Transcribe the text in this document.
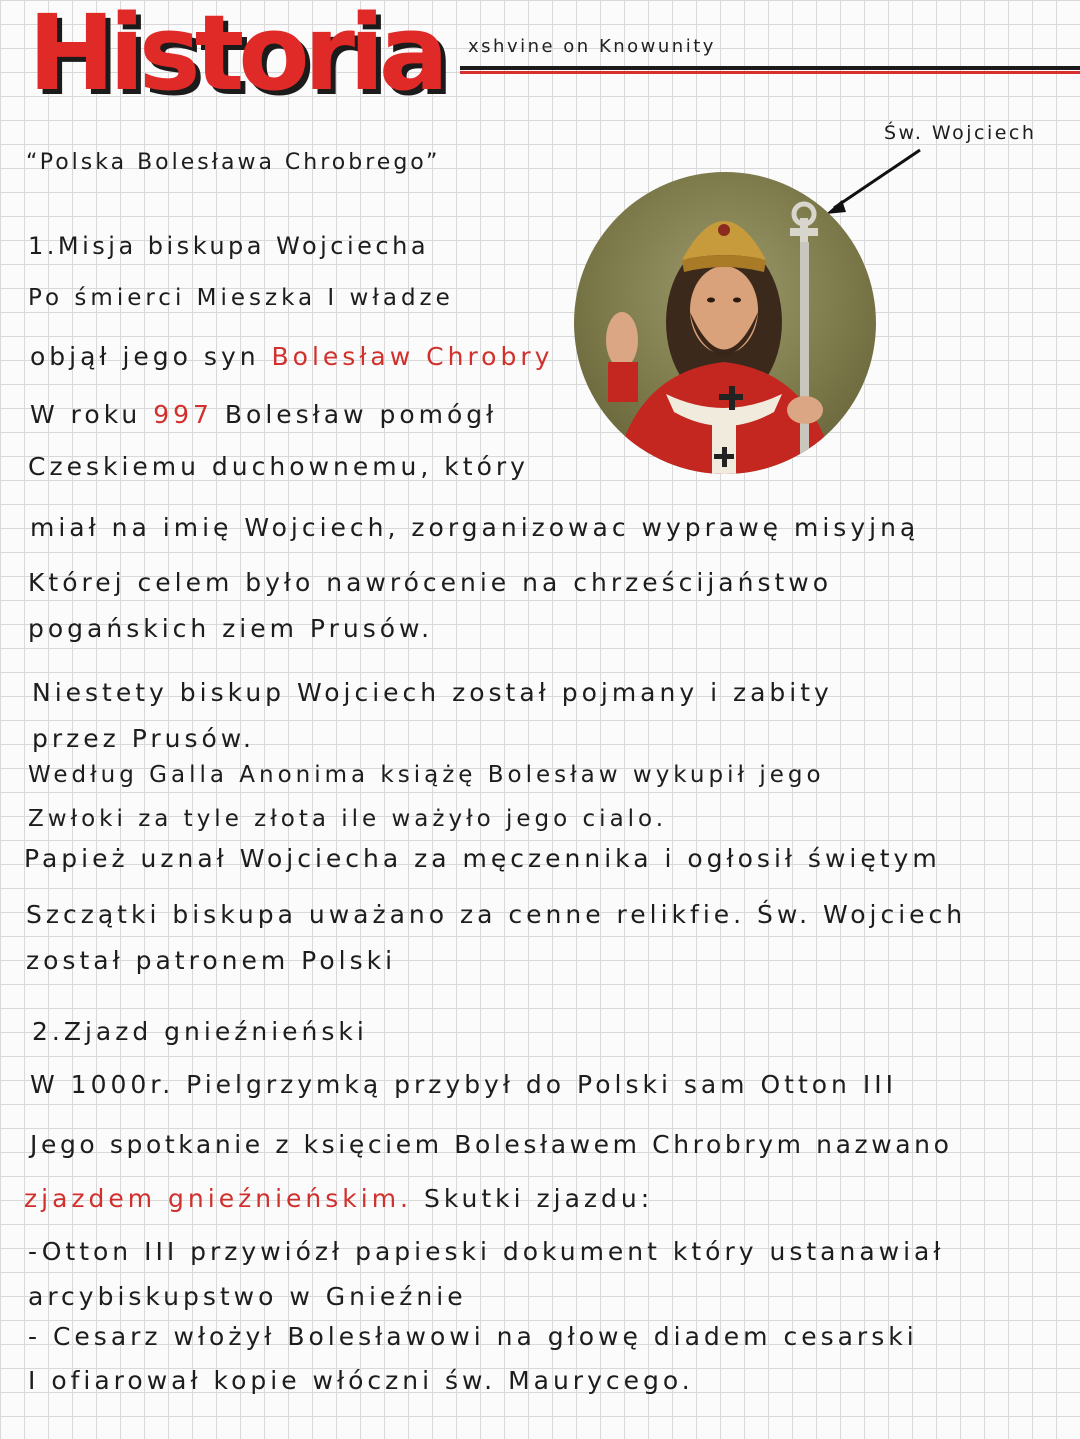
Historia xshvine on Knowunity
“Polska Bolesława Chrobrego”
Św. Wojciech
1.Misja biskupa Wojciecha
Po śmierci Mieszka I władze
objął jego syn Bolesław Chrobry
W roku 997 Bolesław pomógł
Czeskiemu duchownemu, który
miał na imię Wojciech, zorganizowac wyprawę misyjną
Której celem było nawrócenie na chrześcijaństwo
pogańskich ziem Prusów.
Niestety biskup Wojciech został pojmany i zabity
przez Prusów.
Według Galla Anonima książę Bolesław wykupił jego
Zwłoki za tyle złota ile ważyło jego cialo.
Papież uznał Wojciecha za męczennika i ogłosił świętym
Szczątki biskupa uważano za cenne relikfie. Św. Wojciech
został patronem Polski
2.Zjazd gnieźnieński
W 1000r. Pielgrzymką przybył do Polski sam Otton III
Jego spotkanie z księciem Bolesławem Chrobrym nazwano
zjazdem gnieźnieńskim. Skutki zjazdu:
-Otton III przywiózł papieski dokument który ustanawiał
arcybiskupstwo w Gnieźnie
- Cesarz włożył Bolesławowi na głowę diadem cesarski
I ofiarował kopie włóczni św. Maurycego.
